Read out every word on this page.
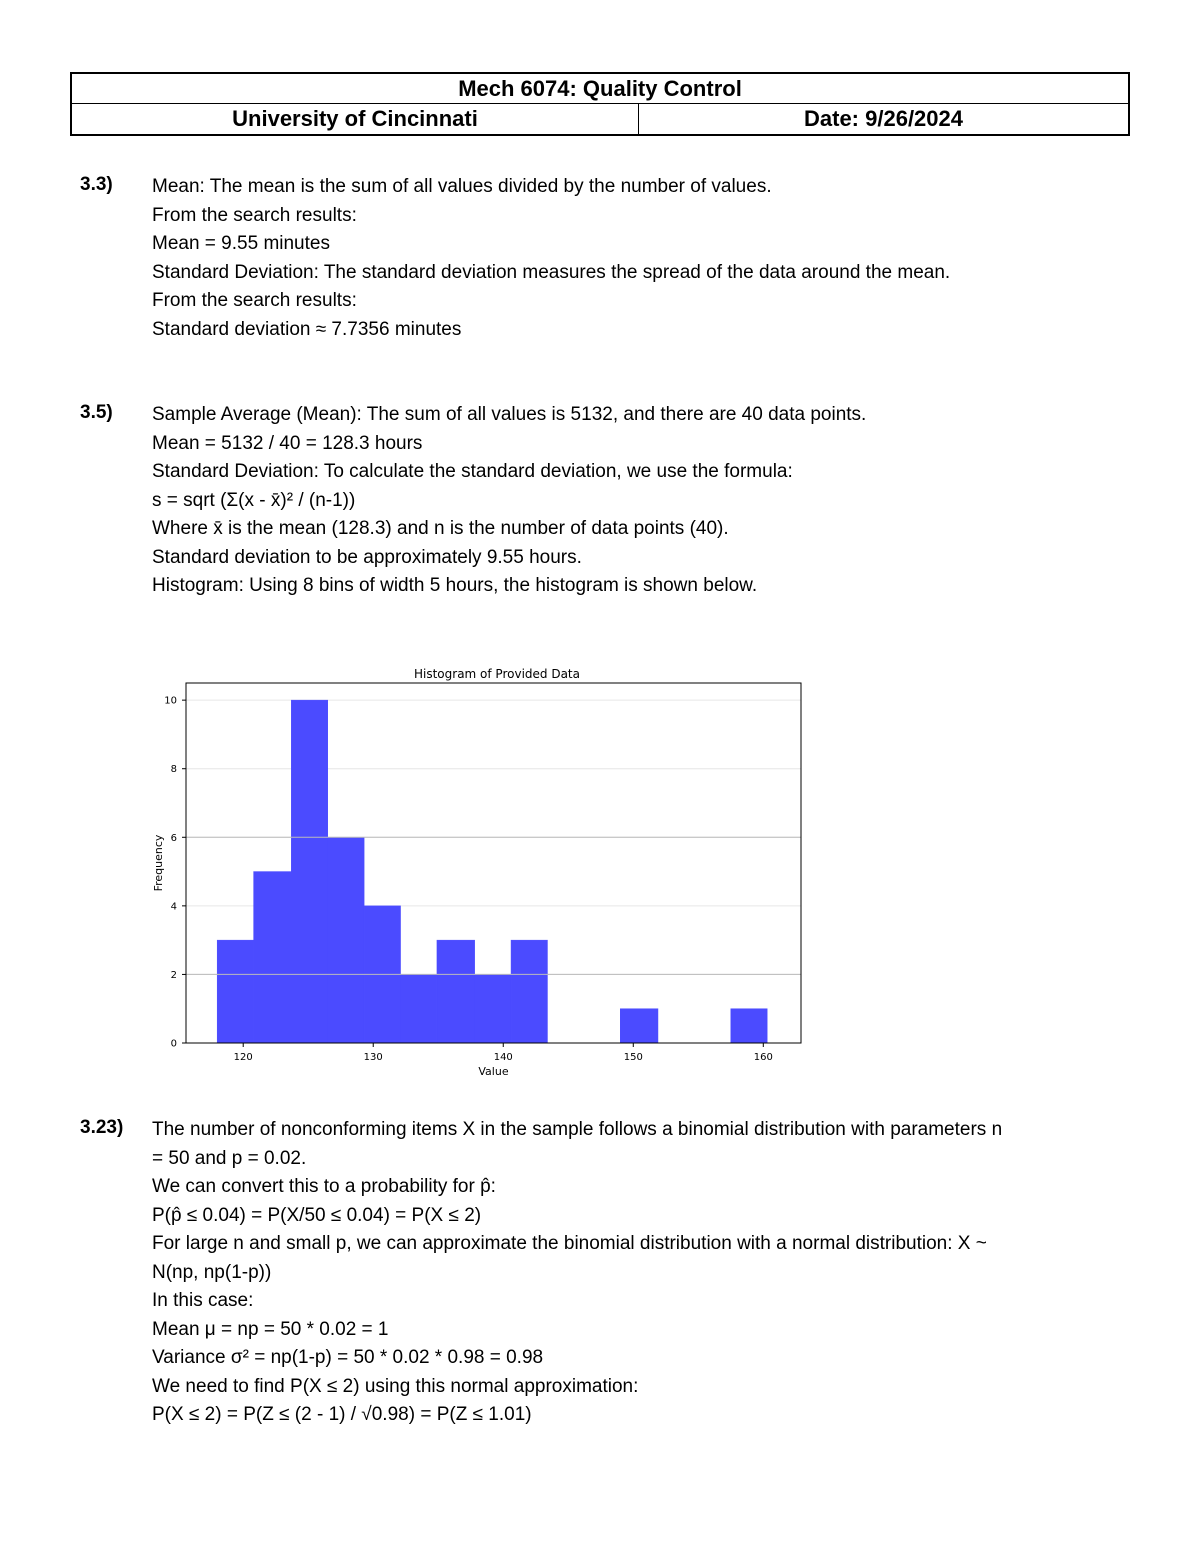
Mech 6074: Quality Control
University of Cincinnati	Date: 9/26/2024
3.3) Mean: The mean is the sum of all values divided by the number of values.
From the search results:
Mean = 9.55 minutes
Standard Deviation: The standard deviation measures the spread of the data around the mean.
From the search results:
Standard deviation ≈ 7.7356 minutes
3.5) Sample Average (Mean): The sum of all values is 5132, and there are 40 data points.
Mean = 5132 / 40 = 128.3 hours
Standard Deviation: To calculate the standard deviation, we use the formula:
s = sqrt (Σ(x - x̄)² / (n-1))
Where x̄ is the mean (128.3) and n is the number of data points (40).
Standard deviation to be approximately 9.55 hours.
Histogram: Using 8 bins of width 5 hours, the histogram is shown below.
Histogram of Provided Data
120	130	140	150	160
0
2
4
6
8
10
Value
Frequency
3.23) The number of nonconforming items X in the sample follows a binomial distribution with parameters n
= 50 and p = 0.02.
We can convert this to a probability for p̂:
P(p̂ ≤ 0.04) = P(X/50 ≤ 0.04) = P(X ≤ 2)
For large n and small p, we can approximate the binomial distribution with a normal distribution: X ~
N(np, np(1-p))
In this case:
Mean μ = np = 50 * 0.02 = 1
Variance σ² = np(1-p) = 50 * 0.02 * 0.98 = 0.98
We need to find P(X ≤ 2) using this normal approximation:
P(X ≤ 2) = P(Z ≤ (2 - 1) / √0.98) = P(Z ≤ 1.01)
